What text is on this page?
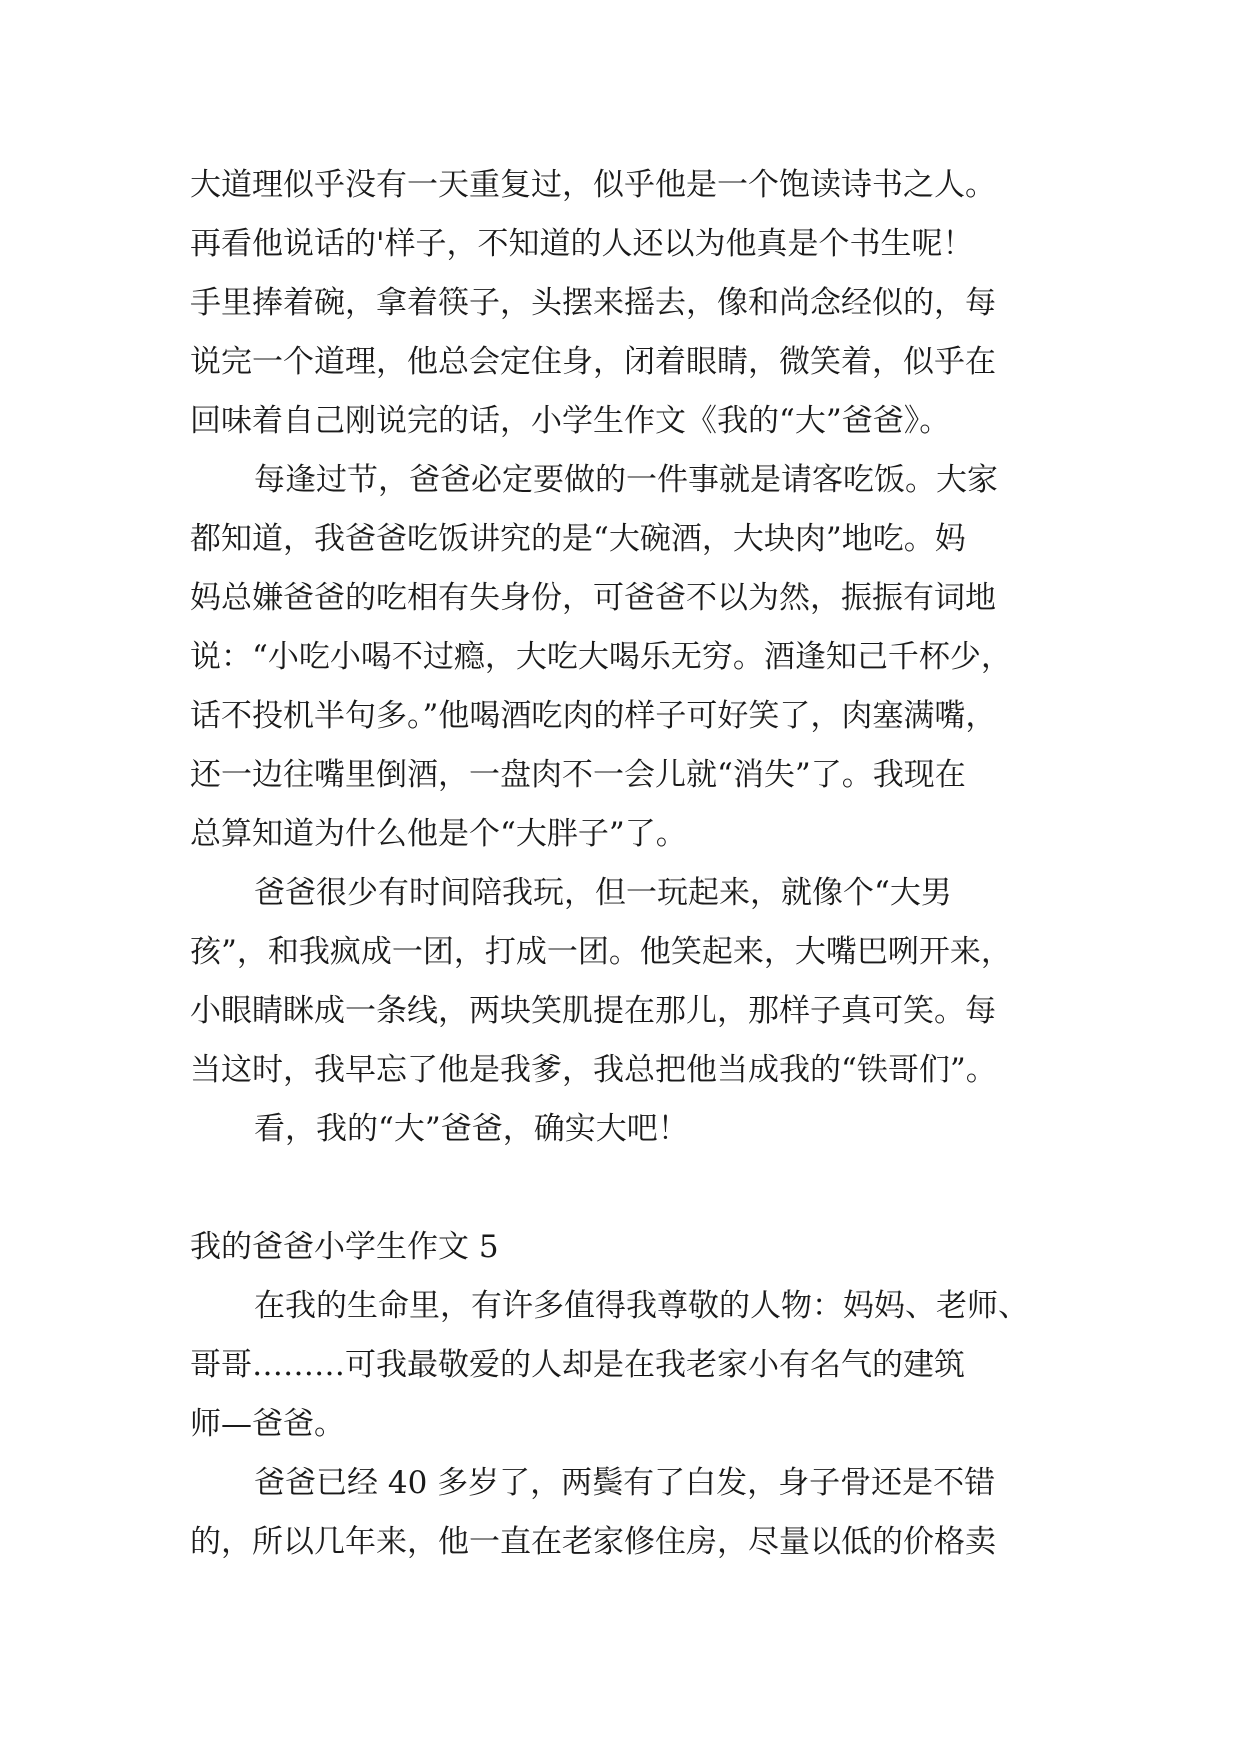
大道理似乎没有一天重复过，似乎他是一个饱读诗书之人。
再看他说话的'样子，不知道的人还以为他真是个书生呢！
手里捧着碗，拿着筷子，头摆来摇去，像和尚念经似的，每
说完一个道理，他总会定住身，闭着眼睛，微笑着，似乎在
回味着自己刚说完的话，小学生作文《我的“大”爸爸》。
每逢过节，爸爸必定要做的一件事就是请客吃饭。大家
都知道，我爸爸吃饭讲究的是“大碗酒，大块肉”地吃。妈
妈总嫌爸爸的吃相有失身份，可爸爸不以为然，振振有词地
说：“小吃小喝不过瘾，大吃大喝乐无穷。酒逢知己千杯少，
话不投机半句多。”他喝酒吃肉的样子可好笑了，肉塞满嘴，
还一边往嘴里倒酒，一盘肉不一会儿就“消失”了。我现在
总算知道为什么他是个“大胖子”了。
爸爸很少有时间陪我玩，但一玩起来，就像个“大男
孩”，和我疯成一团，打成一团。他笑起来，大嘴巴咧开来，
小眼睛眯成一条线，两块笑肌提在那儿，那样子真可笑。每
当这时，我早忘了他是我爹，我总把他当成我的“铁哥们”。
看，我的“大”爸爸，确实大吧！
我的爸爸小学生作文 5
在我的生命里，有许多值得我尊敬的人物：妈妈、老师、
哥哥………可我最敬爱的人却是在我老家小有名气的建筑
师—爸爸。
爸爸已经 40 多岁了，两鬓有了白发，身子骨还是不错
的，所以几年来，他一直在老家修住房，尽量以低的价格卖
